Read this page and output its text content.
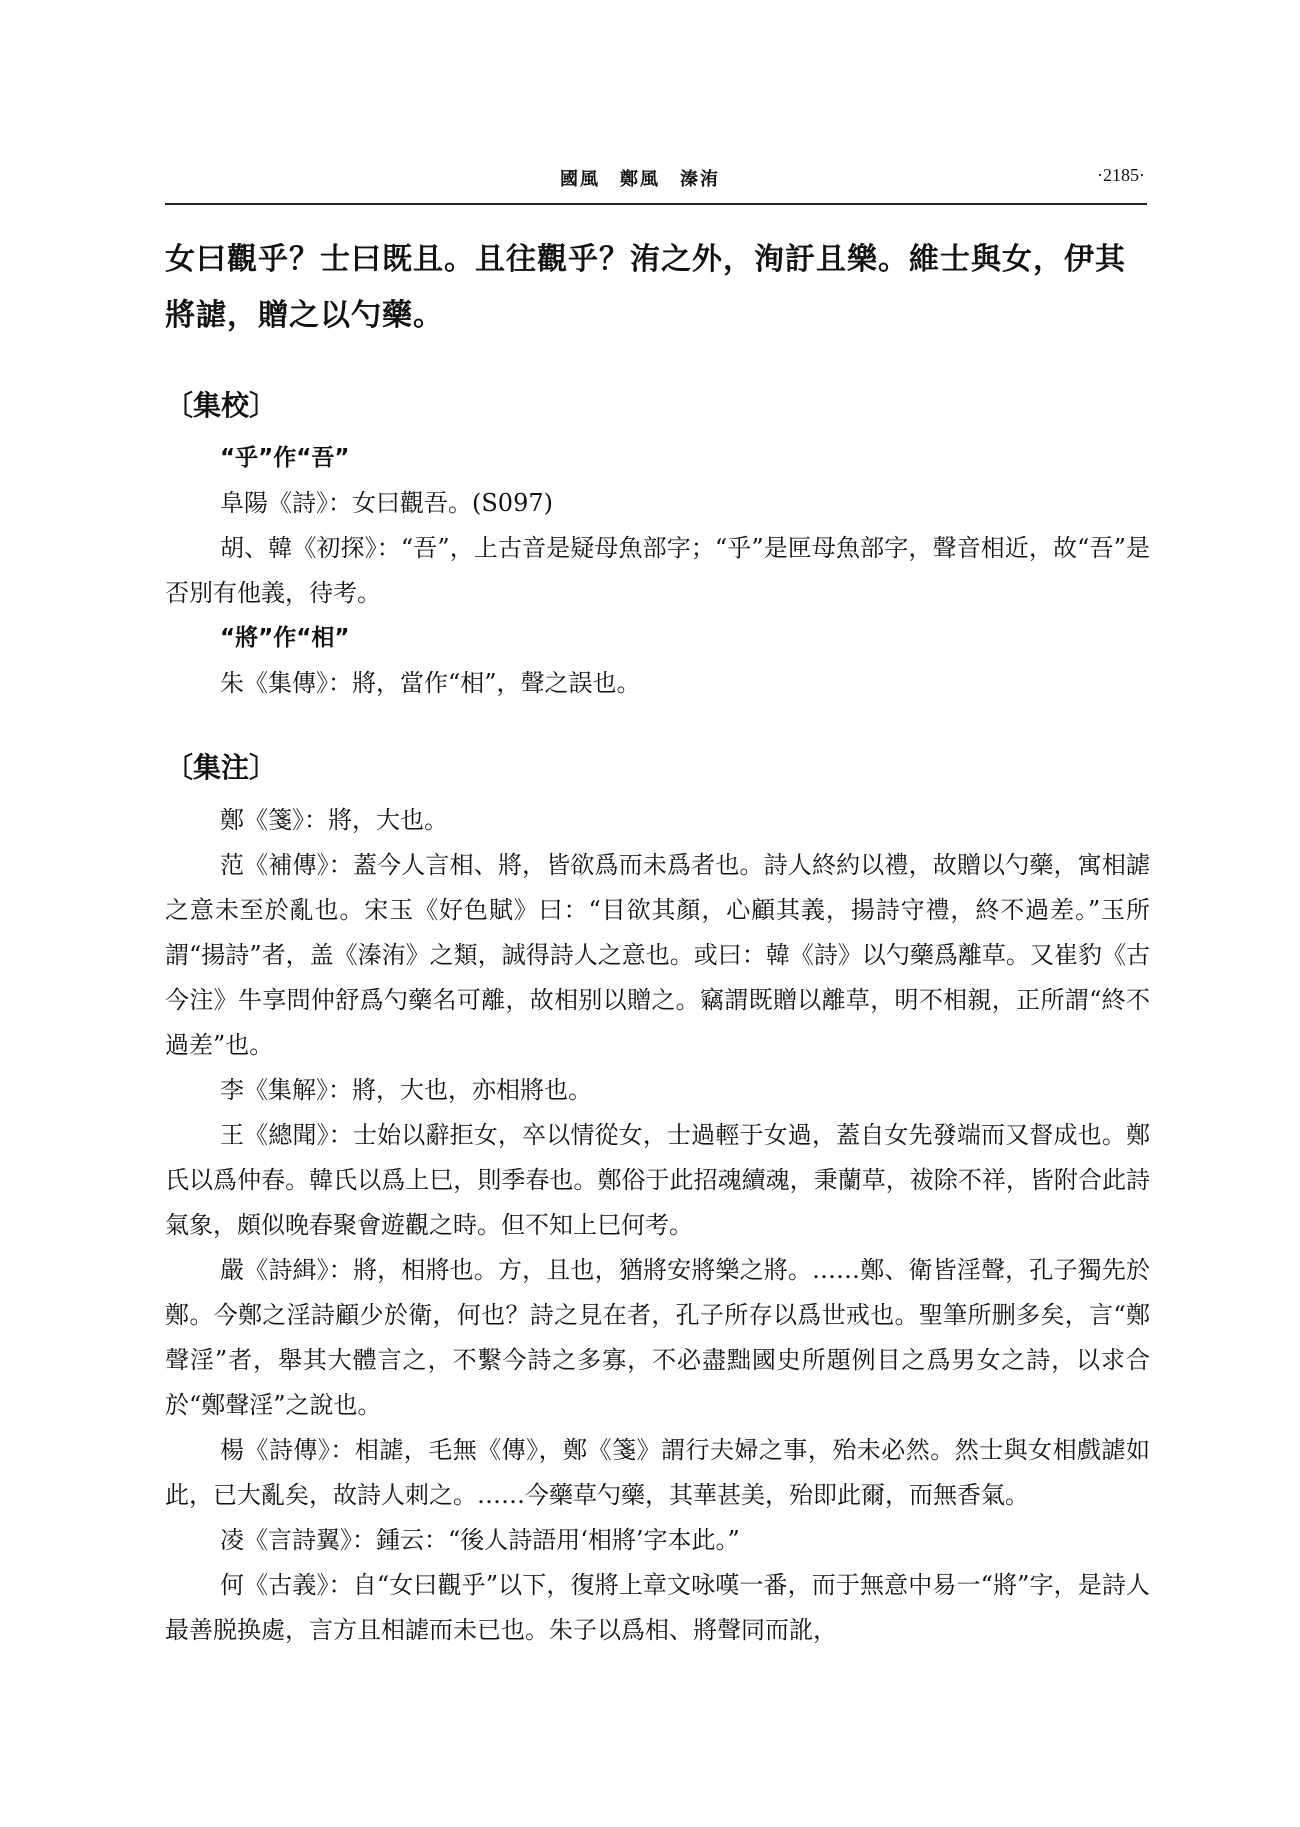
國風　鄭風　溱洧	·2185·

女曰觀乎？士曰既且。且往觀乎？洧之外，洵訏且樂。維士與女，伊其將謔，贈之以勺藥。

〔集校〕

“乎”作“吾”

阜陽《詩》：女曰觀吾。(S097)

胡、韓《初探》：“吾”，上古音是疑母魚部字；“乎”是匣母魚部字，聲音相近，故“吾”是否別有他義，待考。

“將”作“相”

朱《集傳》：將，當作“相”，聲之誤也。

〔集注〕

鄭《箋》：將，大也。

范《補傳》：蓋今人言相、將，皆欲爲而未爲者也。詩人終約以禮，故贈以勺藥，寓相謔之意未至於亂也。宋玉《好色賦》曰：“目欲其顏，心顧其義，揚詩守禮，終不過差。”玉所謂“揚詩”者，盖《溱洧》之類，誠得詩人之意也。或曰：韓《詩》以勺藥爲離草。又崔豹《古今注》牛享問仲舒爲勺藥名可離，故相别以贈之。竊謂既贈以離草，明不相親，正所謂“終不過差”也。

李《集解》：將，大也，亦相將也。

王《總聞》：士始以辭拒女，卒以情從女，士過輕于女過，蓋自女先發端而又督成也。鄭氏以爲仲春。韓氏以爲上巳，則季春也。鄭俗于此招魂續魂，秉蘭草，祓除不祥，皆附合此詩氣象，頗似晚春聚會遊觀之時。但不知上巳何考。

嚴《詩緝》：將，相將也。方，且也，猶將安將樂之將。……鄭、衛皆淫聲，孔子獨先於鄭。今鄭之淫詩顧少於衛，何也？詩之見在者，孔子所存以爲世戒也。聖筆所删多矣，言“鄭聲淫”者，舉其大體言之，不繫今詩之多寡，不必盡黜國史所題例目之爲男女之詩，以求合於“鄭聲淫”之說也。

楊《詩傳》：相謔，毛無《傳》，鄭《箋》謂行夫婦之事，殆未必然。然士與女相戲謔如此，已大亂矣，故詩人刺之。……今藥草勺藥，其華甚美，殆即此爾，而無香氣。

凌《言詩翼》：鍾云：“後人詩語用‘相將’字本此。”

何《古義》：自“女曰觀乎”以下，復將上章文咏嘆一番，而于無意中易一“將”字，是詩人最善脱换處，言方且相謔而未已也。朱子以爲相、將聲同而訛，
